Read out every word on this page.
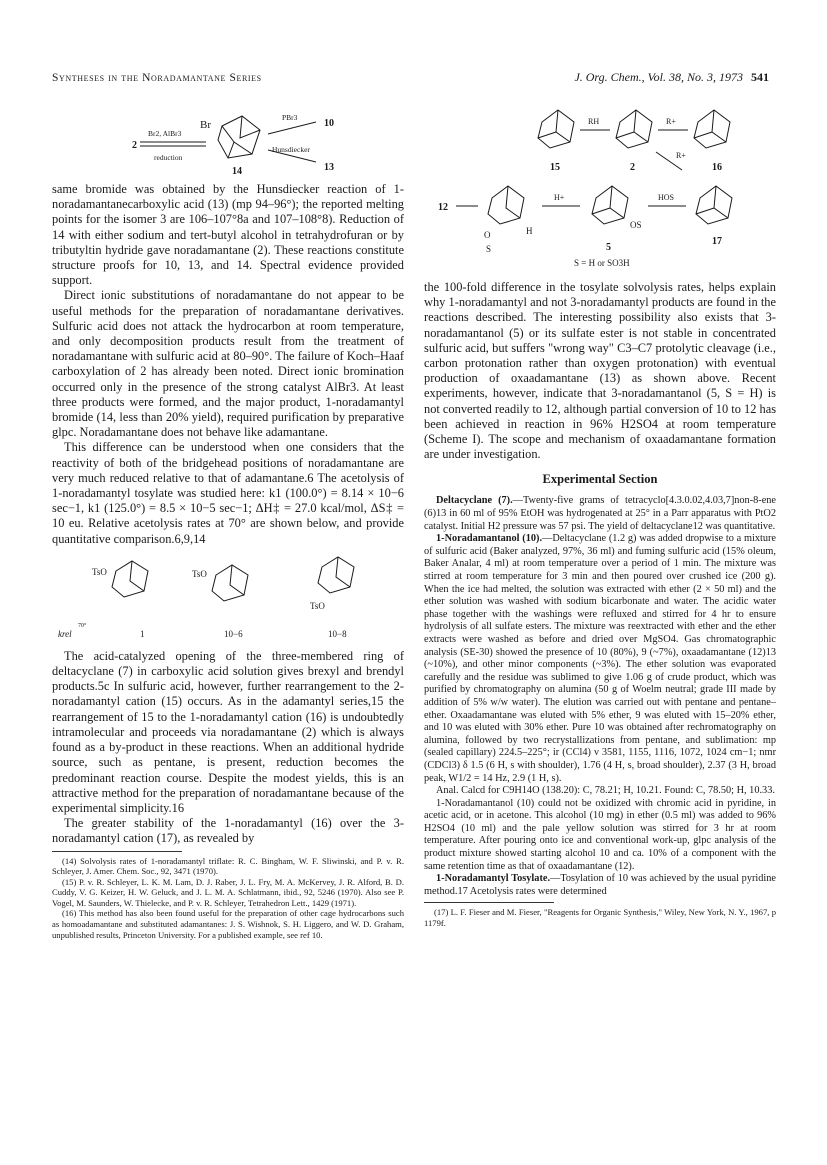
Syntheses in the Noradamantane Series	J. Org. Chem., Vol. 38, No. 3, 1973 541
Br
Br2, AlBr3
2
reduction
14
PBr3
10
Hunsdiecker
13	15
RH
2
R+
16
R+
12
O	H
S
H+
OS
5
HOS
17
S = H or SO3H

same bromide was obtained by the Hunsdiecker reaction of 1-noradamantanecarboxylic acid (13) (mp 94–96°); the reported melting points for the isomer 3 are 106–107°8a and 107–108°8). Reduction of 14 with either sodium and tert-butyl alcohol in tetrahydrofuran or by tributyltin hydride gave noradamantane (2). These reactions constitute structure proofs for 10, 13, and 14. Spectral evidence provided support.

Direct ionic substitutions of noradamantane do not appear to be useful methods for the preparation of noradamantane derivatives. Sulfuric acid does not attack the hydrocarbon at room temperature, and only decomposition products result from the treatment of noradamantane with sulfuric acid at 80–90°. The failure of Koch–Haaf carboxylation of 2 has already been noted. Direct ionic bromination occurred only in the presence of the strong catalyst AlBr3. At least three products were formed, and the major product, 1-noradamantyl bromide (14, less than 20% yield), required purification by preparative glpc. Noradamantane does not behave like adamantane.

This difference can be understood when one considers that the reactivity of both of the bridgehead positions of noradamantane are very much reduced relative to that of adamantane.6 The acetolysis of 1-noradamantyl tosylate was studied here: k1 (100.0°) = 8.14 × 10−6 sec−1, k1 (125.0°) = 8.5 × 10−5 sec−1; ΔH‡ = 27.0 kcal/mol, ΔS‡ = 10 eu. Relative acetolysis rates at 70° are shown below, and provide quantitative comparison.6,9,14

TsO	TsO
TsO
krel
70°
1	10−6	10−8

The acid-catalyzed opening of the three-membered ring of deltacyclane (7) in carboxylic acid solution gives brexyl and brendyl products.5c In sulfuric acid, however, further rearrangement to the 2-noradamantyl cation (15) occurs. As in the adamantyl series,15 the rearrangement of 15 to the 1-noradamantyl cation (16) is undoubtedly intramolecular and proceeds via noradamantane (2) which is always found as a by-product in these reactions. When an additional hydride source, such as pentane, is present, reduction becomes the predominant reaction course. Despite the modest yields, this is an attractive method for the preparation of noradamantane because of the experimental simplicity.16

The greater stability of the 1-noradamantyl (16) over the 3-noradamantyl cation (17), as revealed by

(14) Solvolysis rates of 1-noradamantyl triflate: R. C. Bingham, W. F. Sliwinski, and P. v. R. Schleyer, J. Amer. Chem. Soc., 92, 3471 (1970).

(15) P. v. R. Schleyer, L. K. M. Lam, D. J. Raber, J. L. Fry, M. A. McKervey, J. R. Alford, B. D. Cuddy, V. G. Keizer, H. W. Geluck, and J. L. M. A. Schlatmann, ibid., 92, 5246 (1970). Also see P. Vogel, M. Saunders, W. Thielecke, and P. v. R. Schleyer, Tetrahedron Lett., 1429 (1971).

(16) This method has also been found useful for the preparation of other cage hydrocarbons such as homoadamantane and substituted adamantanes: J. S. Wishnok, S. H. Liggero, and W. D. Graham, unpublished results, Princeton University. For a published example, see ref 10.

the 100-fold difference in the tosylate solvolysis rates, helps explain why 1-noradamantyl and not 3-noradamantyl products are found in the reactions described. The interesting possibility also exists that 3-noradamantanol (5) or its sulfate ester is not stable in concentrated sulfuric acid, but suffers "wrong way" C3–C7 protolytic cleavage (i.e., carbon protonation rather than oxygen protonation) with eventual production of oxaadamantane (13) as shown above. Recent experiments, however, indicate that 3-noradamantanol (5, S = H) is not converted readily to 12, although partial conversion of 10 to 12 has been achieved in reaction in 96% H2SO4 at room temperature (Scheme I). The scope and mechanism of oxaadamantane formation are under investigation.

Experimental Section

Deltacyclane (7).—Twenty-five grams of tetracyclo[4.3.0.02,4.03,7]non-8-ene (6)13 in 60 ml of 95% EtOH was hydrogenated at 25° in a Parr apparatus with PtO2 catalyst. Initial H2 pressure was 57 psi. The yield of deltacyclane12 was quantitative.

1-Noradamantanol (10).—Deltacyclane (1.2 g) was added dropwise to a mixture of sulfuric acid (Baker analyzed, 97%, 36 ml) and fuming sulfuric acid (15% oleum, Baker Analar, 4 ml) at room temperature over a period of 1 min. The mixture was stirred at room temperature for 3 min and then poured over crushed ice (200 g). When the ice had melted, the solution was extracted with ether (2 × 50 ml) and the ether solution was washed with sodium bicarbonate and water. The acidic water phase together with the washings were refluxed and stirred for 4 hr to ensure hydrolysis of all sulfate esters. The mixture was reextracted with ether and the ether extracts were washed as before and dried over MgSO4. Gas chromatographic analysis (SE-30) showed the presence of 10 (80%), 9 (~7%), oxaadamantane (12)13 (~10%), and other minor components (~3%). The ether solution was evaporated carefully and the residue was sublimed to give 1.06 g of crude product, which was purified by chromatography on alumina (50 g of Woelm neutral; grade III made by addition of 5% w/w water). The elution was carried out with pentane and pentane–ether. Oxaadamantane was eluted with 5% ether, 9 was eluted with 15–20% ether, and 10 was eluted with 30% ether. Pure 10 was obtained after rechromatography on alumina, followed by two recrystallizations from pentane, and sublimation: mp (sealed capillary) 224.5–225°; ir (CCl4) ν 3581, 1155, 1116, 1072, 1024 cm−1; nmr (CDCl3) δ 1.5 (6 H, s with shoulder), 1.76 (4 H, s, broad shoulder), 2.37 (3 H, broad peak, W1/2 = 14 Hz, 2.9 (1 H, s).

Anal. Calcd for C9H14O (138.20): C, 78.21; H, 10.21. Found: C, 78.50; H, 10.33.

1-Noradamantanol (10) could not be oxidized with chromic acid in pyridine, in acetic acid, or in acetone. This alcohol (10 mg) in ether (0.5 ml) was added to 96% H2SO4 (10 ml) and the pale yellow solution was stirred for 3 hr at room temperature. After pouring onto ice and conventional work-up, glpc analysis of the product mixture showed starting alcohol 10 and ca. 10% of a component with the same retention time as that of oxaadamantane (12).

1-Noradamantyl Tosylate.—Tosylation of 10 was achieved by the usual pyridine method.17 Acetolysis rates were determined

(17) L. F. Fieser and M. Fieser, "Reagents for Organic Synthesis," Wiley, New York, N. Y., 1967, p 1179f.
